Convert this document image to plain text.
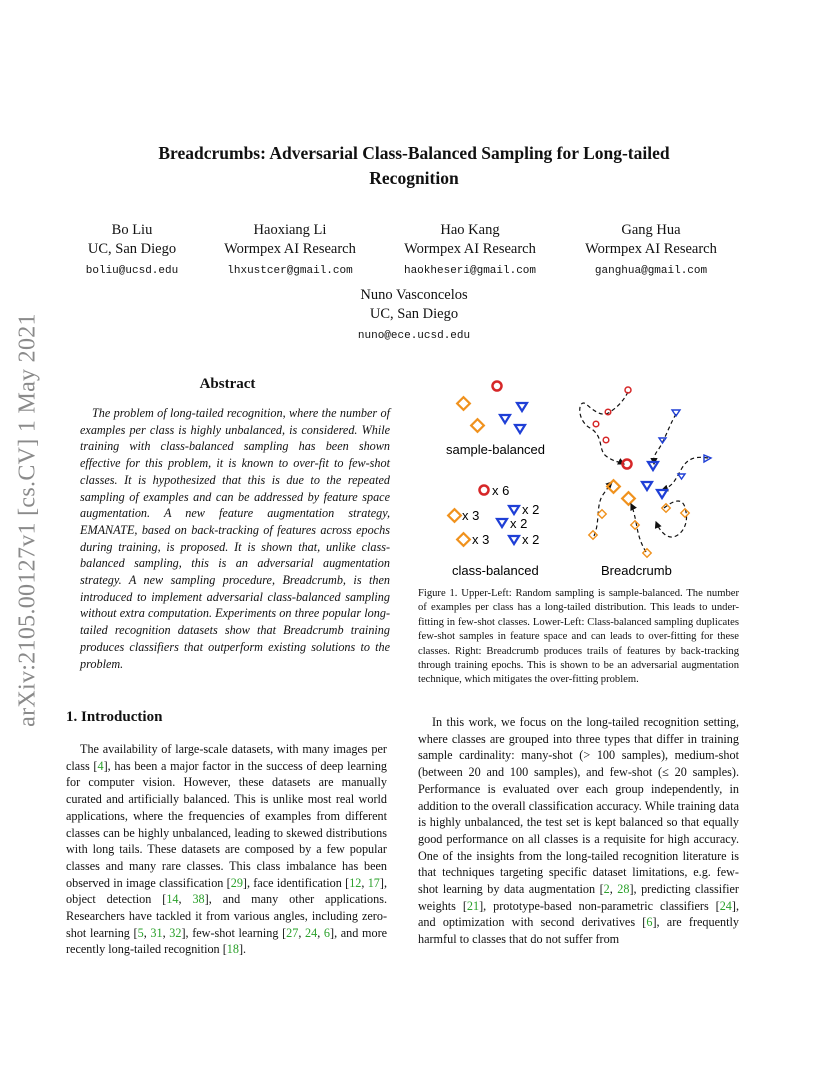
Breadcrumbs: Adversarial Class-Balanced Sampling for Long-tailed
Recognition
Bo Liu
UC, San Diego
boliu@ucsd.edu
Haoxiang Li
Wormpex AI Research
lhxustcer@gmail.com
Hao Kang
Wormpex AI Research
haokheseri@gmail.com
Gang Hua
Wormpex AI Research
ganghua@gmail.com
Nuno Vasconcelos
UC, San Diego
nuno@ece.ucsd.edu
arXiv:2105.00127v1 [cs.CV] 1 May 2021	Abstract
The problem of long-tailed recognition, where the number of examples per class is highly unbalanced, is considered. While training with class-balanced sampling has been shown effective for this problem, it is known to over-fit to few-shot classes. It is hypothesized that this is due to the repeated sampling of examples and can be addressed by feature space augmentation. A new feature augmentation strategy, EMANATE, based on back-tracking of features across epochs during training, is proposed. It is shown that, unlike class-balanced sampling, this is an adversarial augmentation strategy. A new sampling procedure, Breadcrumb, is then introduced to implement adversarial class-balanced sampling without extra computation. Experiments on three popular long-tailed recognition datasets show that Breadcrumb training produces classifiers that outperform existing solutions to the problem.
sample-balanced
x 6
x 3
x 3
x 2
x 2
x 2
class-balanced	Breadcrumb
Figure 1. Upper-Left: Random sampling is sample-balanced. The number of examples per class has a long-tailed distribution. This leads to under-fitting in few-shot classes. Lower-Left: Class-balanced sampling duplicates few-shot samples in feature space and can leads to over-fitting for these classes. Right: Breadcrumb produces trails of features by back-tracking through training epochs. This is shown to be an adversarial augmentation technique, which mitigates the over-fitting problem.
1. Introduction
The availability of large-scale datasets, with many images per class [4], has been a major factor in the success of deep learning for computer vision. However, these datasets are manually curated and artificially balanced. This is unlike most real world applications, where the frequencies of examples from different classes can be highly unbalanced, leading to skewed distributions with long tails. These datasets are composed by a few popular classes and many rare classes. This class imbalance has been observed in image classification [29], face identification [12, 17], object detection [14, 38], and many other applications. Researchers have tackled it from various angles, including zero-shot learning [5, 31, 32], few-shot learning [27, 24, 6], and more recently long-tailed recognition [18].
In this work, we focus on the long-tailed recognition setting, where classes are grouped into three types that differ in training sample cardinality: many-shot (> 100 samples), medium-shot (between 20 and 100 samples), and few-shot (≤ 20 samples). Performance is evaluated over each group independently, in addition to the overall classification accuracy. While training data is highly unbalanced, the test set is kept balanced so that equally good performance on all classes is a requisite for high accuracy. One of the insights from the long-tailed recognition literature is that techniques targeting specific dataset limitations, e.g. few-shot learning by data augmentation [2, 28], predicting classifier weights [21], prototype-based non-parametric classifiers [24], and optimization with second derivatives [6], are frequently harmful to classes that do not suffer from
